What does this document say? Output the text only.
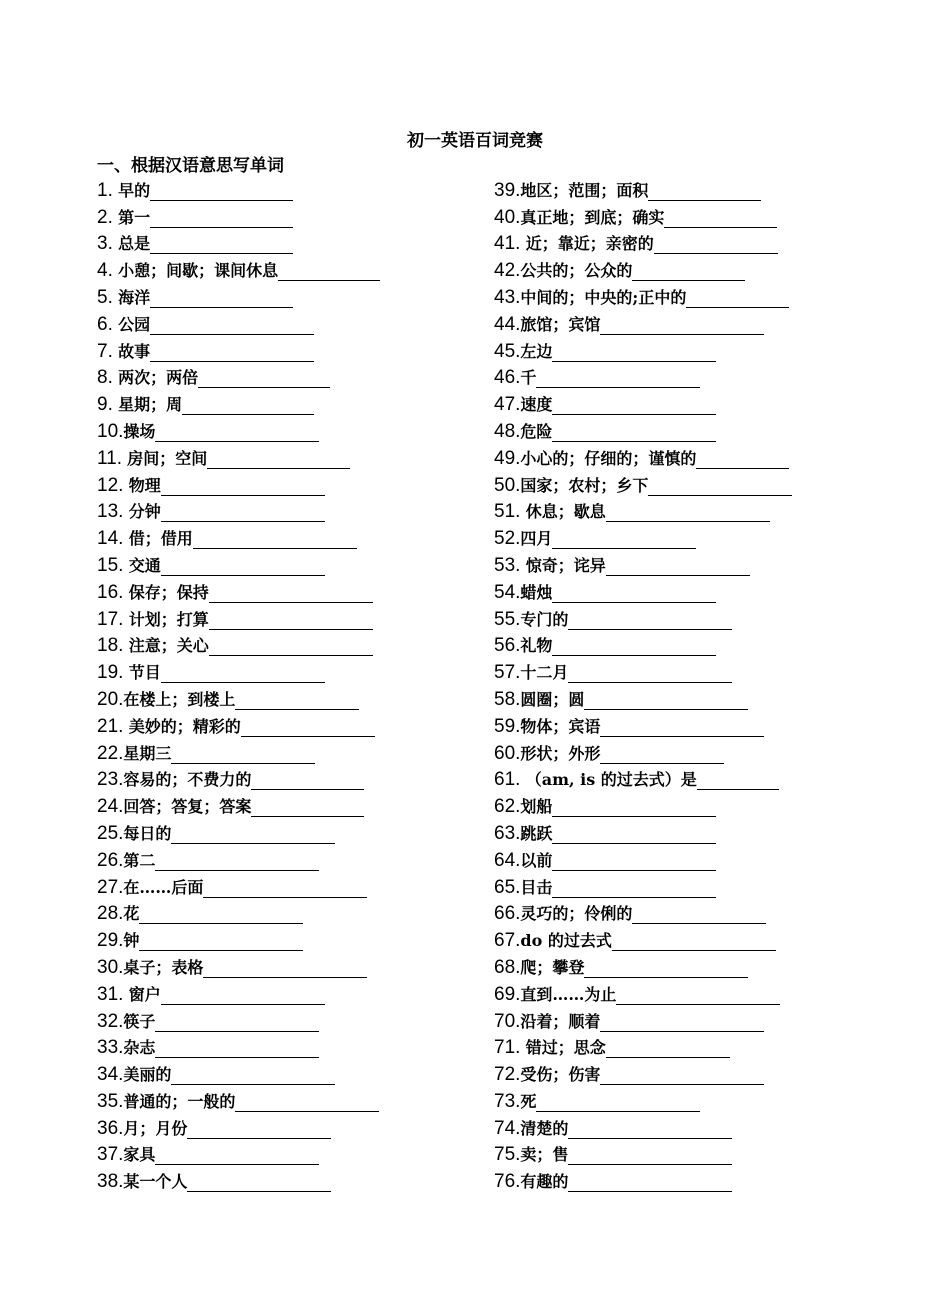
初一英语百词竞赛
一、根据汉语意思写单词
1.
早的
2.
第一
3.
总是
4.
小憩；间歇；课间休息
5.
海洋
6.
公园
7.
故事
8.
两次；两倍
9.
星期；周
10. 操场
11.
房间；空间
12.
物理
13.
分钟
14.
借；借用
15.
交通
16.
保存；保持
17.
计划；打算
18.
注意；关心
19.
节目
20. 在楼上；到楼上
21.
美妙的；精彩的
22. 星期三
23. 容易的；不费力的
24. 回答；答复；答案
25. 每日的
26. 第二
27. 在……后面
28. 花
29. 钟
30. 桌子；表格
31.
窗户
32. 筷子
33. 杂志
34. 美丽的
35. 普通的；一般的
36. 月；月份
37. 家具
38. 某一个人
39. 地区；范围；面积
40. 真正地；到底；确实
41.
近；靠近；亲密的
42. 公共的；公众的
43. 中间的；中央的;正中的
44. 旅馆；宾馆
45. 左边
46. 千
47. 速度
48. 危险
49. 小心的；仔细的；谨慎的
50. 国家；农村；乡下
51.
休息；歇息
52. 四月
53.
惊奇；诧异
54. 蜡烛
55. 专门的
56. 礼物
57. 十二月
58. 圆圈；圆
59. 物体；宾语
60. 形状；外形
61.
（am, is 的过去式）是
62. 划船
63. 跳跃
64. 以前
65. 目击
66. 灵巧的；伶俐的
67. do 的过去式
68. 爬；攀登
69. 直到……为止
70. 沿着；顺着
71.
错过；思念
72. 受伤；伤害
73. 死
74. 清楚的
75. 卖；售
76. 有趣的
